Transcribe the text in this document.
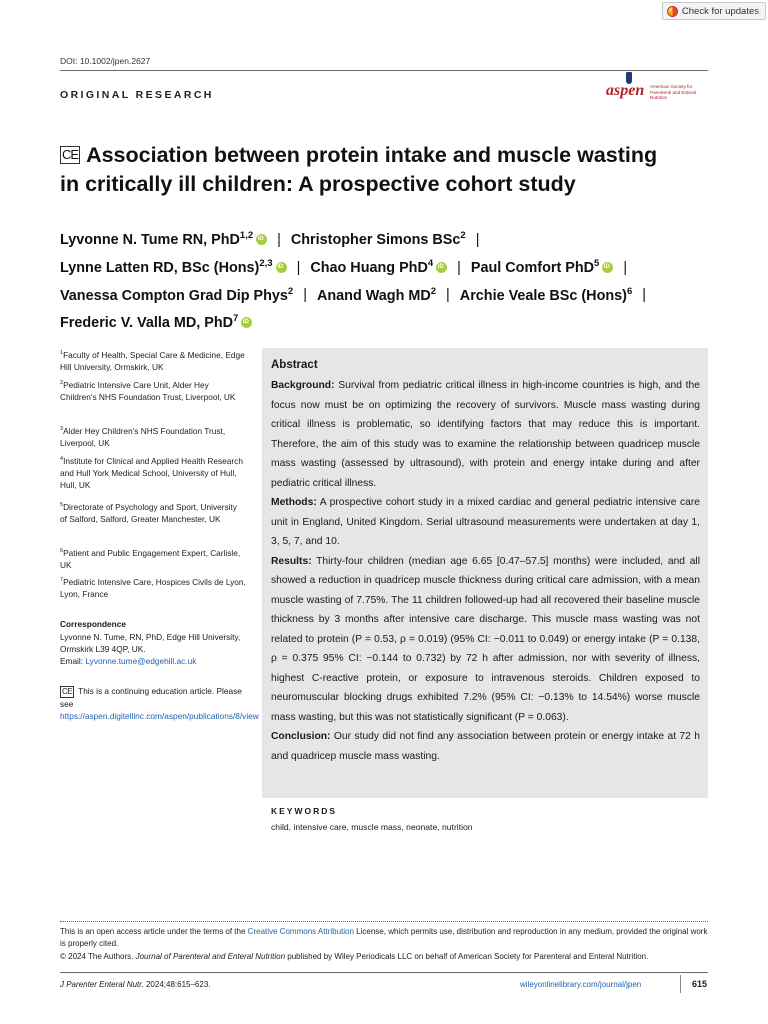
Check for updates
DOI: 10.1002/jpen.2627
ORIGINAL RESEARCH	aspen American Society for Parenteral and Enteral Nutrition
CE Association between protein intake and muscle wasting
in critically ill children: A prospective cohort study
Lyvonne N. Tume RN, PhD$^{1,2}$ iD | Christopher Simons BSc$^2$ |
Lynne Latten RD, BSc (Hons)$^{2,3}$ iD | Chao Huang PhD$^4$ iD | Paul Comfort PhD$^5$iD |
Vanessa Compton Grad Dip Phys$^2$ | Anand Wagh $MD^2$ | Archie Veale BSc (Hons)$^6$ |
Frederic V. Valla MD, PhD$^7$iD
$^1$Faculty of Health, Special Care & Medicine, Edge Hill University, Ormskirk, UK
$^2$Pediatric Intensive Care Unit, Alder Hey Children's NHS Foundation Trust, Liverpool, UK
$^3$Alder Hey Children's NHS Foundation Trust, Liverpool, UK
$^4$Institute for Clinical and Applied Health Research and Hull York Medical School, University of Hull, Hull, UK
$^5$Directorate of Psychology and Sport, University of Salford, Salford, Greater Manchester, UK
$^6$Patient and Public Engagement Expert, Carlisle, UK
$^7$Pediatric Intensive Care, Hospices Civils de Lyon, Lyon, France
Correspondence
Lyvonne N. Tume, RN, PhD, Edge Hill University, Ormskirk L39 4QP, UK.
Email: Lyvonne.tume@edgehill.ac.uk
CE This is a continuing education article. Please see https://aspen.digitellinc.com/aspen/publications/8/view
Abstract
Background: Survival from pediatric critical illness in high-income countries is high, and the focus now must be on optimizing the recovery of survivors. Muscle mass wasting during critical illness is problematic, so identifying factors that may reduce this is important. Therefore, the aim of this study was to examine the relationship between quadricep muscle mass wasting (assessed by ultrasound), with protein and energy intake during and after pediatric critical illness.
Methods: A prospective cohort study in a mixed cardiac and general pediatric intensive care unit in England, United Kingdom. Serial ultrasound measurements were undertaken at day 1, 3, 5, 7, and 10.
Results: Thirty-four children (median age 6.65 [0.47–57.5] months) were included, and all showed a reduction in quadricep muscle thickness during critical care admission, with a mean muscle wasting of 7.75%. The 11 children followed-up had all recovered their baseline muscle thickness by 3 months after intensive care discharge. This muscle mass wasting was not related to protein (P = 0.53, ρ = 0.019) (95% CI: −0.011 to 0.049) or energy intake (P = 0.138, ρ = 0.375 95% CI: −0.144 to 0.732) by 72 h after admission, nor with severity of illness, highest C-reactive protein, or exposure to intravenous steroids. Children exposed to neuromuscular blocking drugs exhibited 7.2% (95% CI: −0.13% to 14.54%) worse muscle mass wasting, but this was not statistically significant (P = 0.063).
Conclusion: Our study did not find any association between protein or energy intake at 72 h and quadricep muscle mass wasting.
KEYWORDS
child, intensive care, muscle mass, neonate, nutrition
This is an open access article under the terms of the Creative Commons Attribution License, which permits use, distribution and reproduction in any medium, provided the original work is properly cited.
© 2024 The Authors. Journal of Parenteral and Enteral Nutrition published by Wiley Periodicals LLC on behalf of American Society for Parenteral and Enteral Nutrition.
J Parenter Enteral Nutr. 2024;48:615–623.	wileyonlinelibrary.com/journal/jpen	615
